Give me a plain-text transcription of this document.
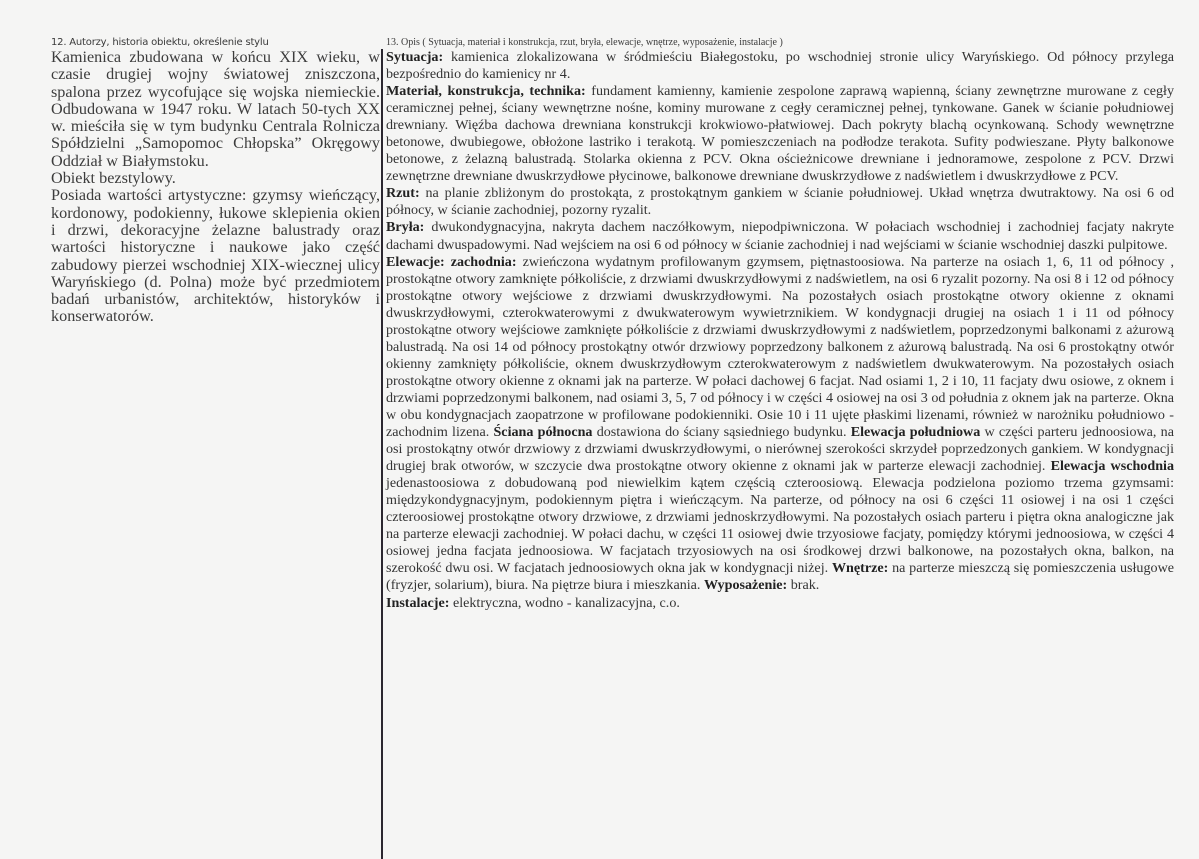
12. Autorzy, historia obiektu, określenie stylu

Kamienica zbudowana w końcu XIX wieku, w czasie drugiej wojny światowej zniszczona, spalona przez wycofujące się wojska niemieckie. Odbudowana w 1947 roku. W latach 50-tych XX w. mieściła się w tym budynku Centrala Rolnicza Spółdzielni „Samopomoc Chłopska” Okręgowy Oddział w Białymstoku.

Obiekt bezstylowy.

Posiada wartości artystyczne: gzymsy wieńczący, kordonowy, podokienny, łukowe sklepienia okien i drzwi, dekoracyjne żelazne balustrady oraz wartości historyczne i naukowe jako część zabudowy pierzei wschodniej XIX-wiecznej ulicy Waryńskiego (d. Polna) może być przedmiotem badań urbanistów, architektów, historyków i konserwatorów.

13. Opis ( Sytuacja, materiał i konstrukcja, rzut, bryła, elewacje, wnętrze, wyposażenie, instalacje )

Sytuacja: kamienica zlokalizowana w śródmieściu Białegostoku, po wschodniej stronie ulicy Waryńskiego. Od północy przylega bezpośrednio do kamienicy nr 4.

Materiał, konstrukcja, technika: fundament kamienny, kamienie zespolone zaprawą wapienną, ściany zewnętrzne murowane z cegły ceramicznej pełnej, ściany wewnętrzne nośne, kominy murowane z cegły ceramicznej pełnej, tynkowane. Ganek w ścianie południowej drewniany. Więźba dachowa drewniana konstrukcji krokwiowo-płatwiowej. Dach pokryty blachą ocynkowaną. Schody wewnętrzne betonowe, dwubiegowe, obłożone lastriko i terakotą. W pomieszczeniach na podłodze terakota. Sufity podwieszane. Płyty balkonowe betonowe, z żelazną balustradą. Stolarka okienna z PCV. Okna ościeżnicowe drewniane i jednoramowe, zespolone z PCV. Drzwi zewnętrzne drewniane dwuskrzydłowe płycinowe, balkonowe drewniane dwuskrzydłowe z nadświetlem i dwuskrzydłowe z PCV.

Rzut: na planie zbliżonym do prostokąta, z prostokątnym gankiem w ścianie południowej. Układ wnętrza dwutraktowy. Na osi 6 od północy, w ścianie zachodniej, pozorny ryzalit.

Bryła: dwukondygnacyjna, nakryta dachem naczółkowym, niepodpiwniczona. W połaciach wschodniej i zachodniej facjaty nakryte dachami dwuspadowymi. Nad wejściem na osi 6 od północy w ścianie zachodniej i nad wejściami w ścianie wschodniej daszki pulpitowe.

Elewacje: zachodnia: zwieńczona wydatnym profilowanym gzymsem, piętnastoosiowa. Na parterze na osiach 1, 6, 11 od północy , prostokątne otwory zamknięte półkoliście, z drzwiami dwuskrzydłowymi z nadświetlem, na osi 6 ryzalit pozorny. Na osi 8 i 12 od północy prostokątne otwory wejściowe z drzwiami dwuskrzydłowymi. Na pozostałych osiach prostokątne otwory okienne z oknami dwuskrzydłowymi, czterokwaterowymi z dwukwaterowym wywietrznikiem. W kondygnacji drugiej na osiach 1 i 11 od północy prostokątne otwory wejściowe zamknięte półkoliście z drzwiami dwuskrzydłowymi z nadświetlem, poprzedzonymi balkonami z ażurową balustradą. Na osi 14 od północy prostokątny otwór drzwiowy poprzedzony balkonem z ażurową balustradą. Na osi 6 prostokątny otwór okienny zamknięty półkoliście, oknem dwuskrzydłowym czterokwaterowym z nadświetlem dwukwaterowym. Na pozostałych osiach prostokątne otwory okienne z oknami jak na parterze. W połaci dachowej 6 facjat. Nad osiami 1, 2 i 10, 11 facjaty dwu osiowe, z oknem i drzwiami poprzedzonymi balkonem, nad osiami 3, 5, 7 od północy i w części 4 osiowej na osi 3 od południa z oknem jak na parterze. Okna w obu kondygnacjach zaopatrzone w profilowane podokienniki. Osie 10 i 11 ujęte płaskimi lizenami, również w narożniku południowo - zachodnim lizena. Ściana północna dostawiona do ściany sąsiedniego budynku. Elewacja południowa w części parteru jednoosiowa, na osi prostokątny otwór drzwiowy z drzwiami dwuskrzydłowymi, o nierównej szerokości skrzydeł poprzedzonych gankiem. W kondygnacji drugiej brak otworów, w szczycie dwa prostokątne otwory okienne z oknami jak w parterze elewacji zachodniej. Elewacja wschodnia jedenastoosiowa z dobudowaną pod niewielkim kątem częścią czteroosiową. Elewacja podzielona poziomo trzema gzymsami: międzykondygnacyjnym, podokiennym piętra i wieńczącym. Na parterze, od północy na osi 6 części 11 osiowej i na osi 1 części czteroosiowej prostokątne otwory drzwiowe, z drzwiami jednoskrzydłowymi. Na pozostałych osiach parteru i piętra okna analogiczne jak na parterze elewacji zachodniej. W połaci dachu, w części 11 osiowej dwie trzyosiowe facjaty, pomiędzy którymi jednoosiowa, w części 4 osiowej jedna facjata jednoosiowa. W facjatach trzyosiowych na osi środkowej drzwi balkonowe, na pozostałych okna, balkon, na szerokość dwu osi. W facjatach jednoosiowych okna jak w kondygnacji niżej. Wnętrze: na parterze mieszczą się pomieszczenia usługowe (fryzjer, solarium), biura. Na piętrze biura i mieszkania. Wyposażenie: brak.

Instalacje: elektryczna, wodno - kanalizacyjna, c.o.
